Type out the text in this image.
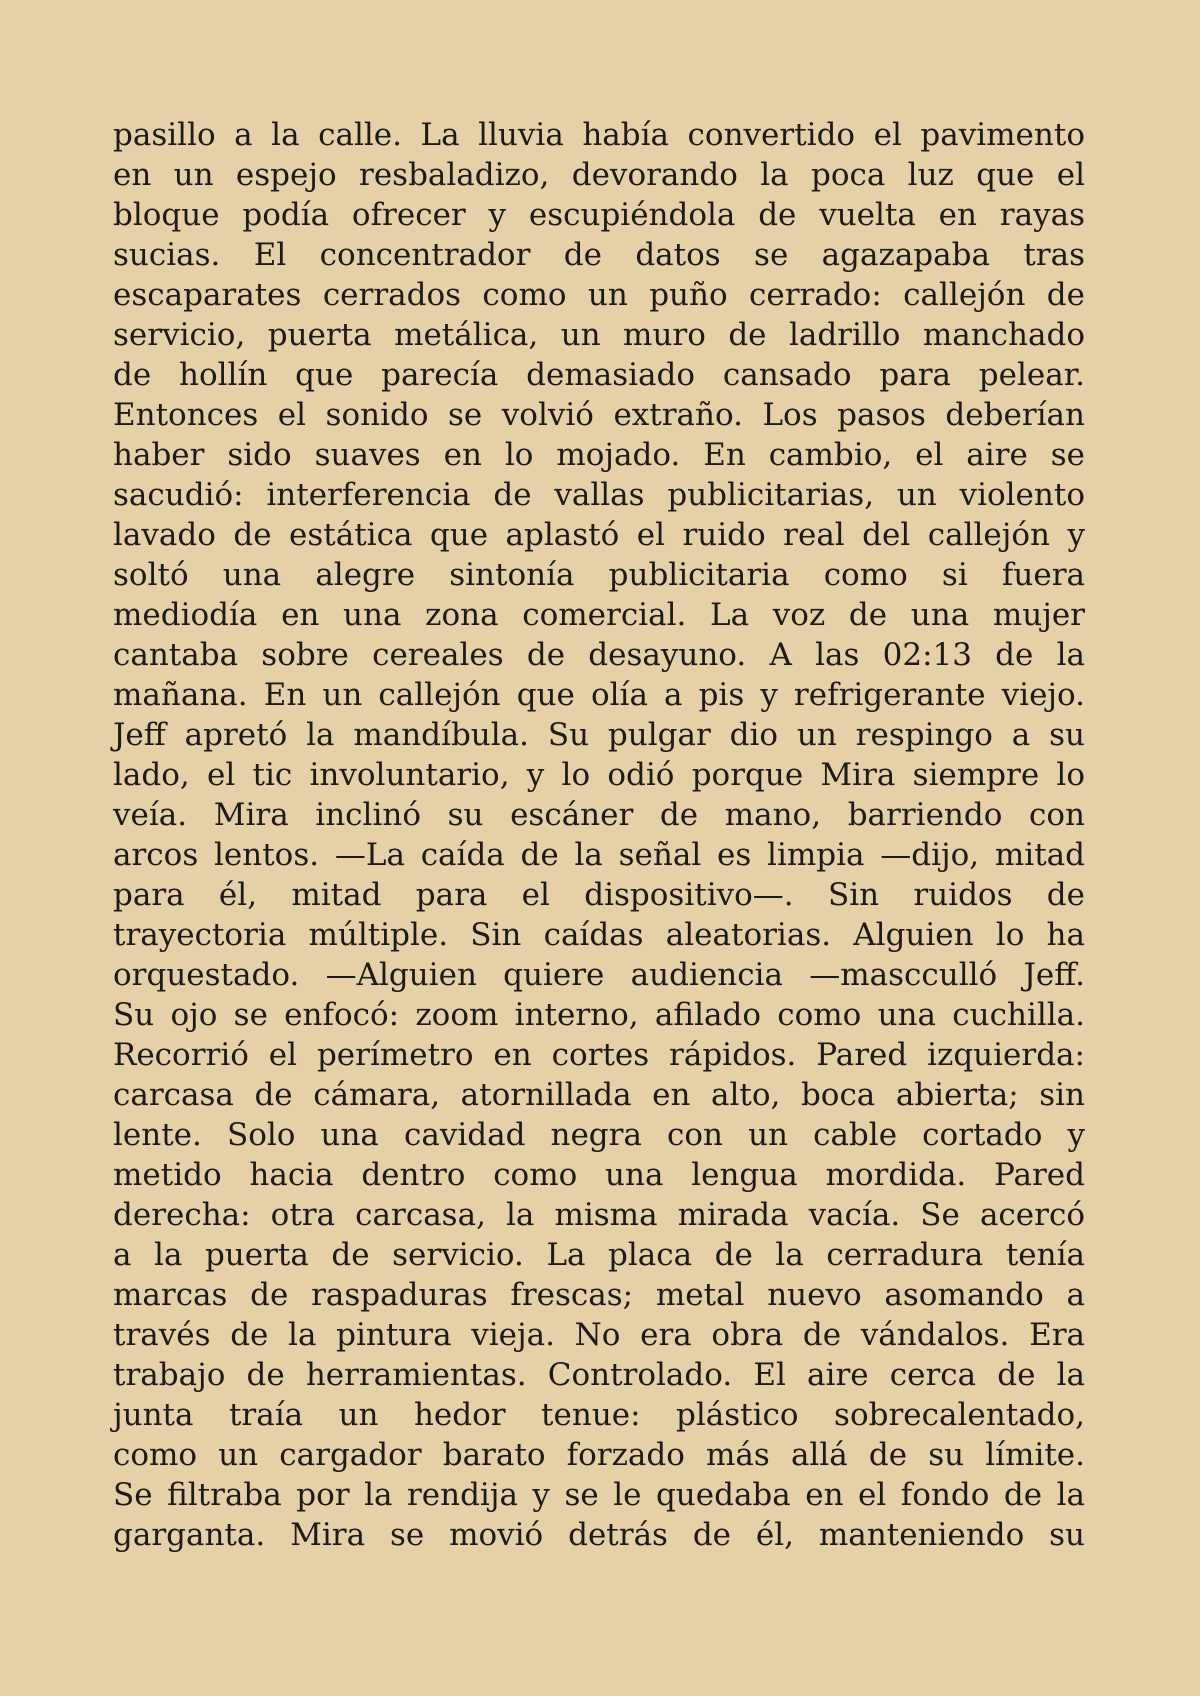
pasillo a la calle. La lluvia había convertido el pavimento
en un espejo resbaladizo, devorando la poca luz que el
bloque podía ofrecer y escupiéndola de vuelta en rayas
sucias. El concentrador de datos se agazapaba tras
escaparates cerrados como un puño cerrado: callejón de
servicio, puerta metálica, un muro de ladrillo manchado
de hollín que parecía demasiado cansado para pelear.
Entonces el sonido se volvió extraño. Los pasos deberían
haber sido suaves en lo mojado. En cambio, el aire se
sacudió: interferencia de vallas publicitarias, un violento
lavado de estática que aplastó el ruido real del callejón y
soltó una alegre sintonía publicitaria como si fuera
mediodía en una zona comercial. La voz de una mujer
cantaba sobre cereales de desayuno. A las 02:13 de la
mañana. En un callejón que olía a pis y refrigerante viejo.
Jeff apretó la mandíbula. Su pulgar dio un respingo a su
lado, el tic involuntario, y lo odió porque Mira siempre lo
veía. Mira inclinó su escáner de mano, barriendo con
arcos lentos. —La caída de la señal es limpia —dijo, mitad
para él, mitad para el dispositivo—. Sin ruidos de
trayectoria múltiple. Sin caídas aleatorias. Alguien lo ha
orquestado. —Alguien quiere audiencia —mascculló Jeff.
Su ojo se enfocó: zoom interno, afilado como una cuchilla.
Recorrió el perímetro en cortes rápidos. Pared izquierda:
carcasa de cámara, atornillada en alto, boca abierta; sin
lente. Solo una cavidad negra con un cable cortado y
metido hacia dentro como una lengua mordida. Pared
derecha: otra carcasa, la misma mirada vacía. Se acercó
a la puerta de servicio. La placa de la cerradura tenía
marcas de raspaduras frescas; metal nuevo asomando a
través de la pintura vieja. No era obra de vándalos. Era
trabajo de herramientas. Controlado. El aire cerca de la
junta traía un hedor tenue: plástico sobrecalentado,
como un cargador barato forzado más allá de su límite.
Se filtraba por la rendija y se le quedaba en el fondo de la
garganta. Mira se movió detrás de él, manteniendo su
